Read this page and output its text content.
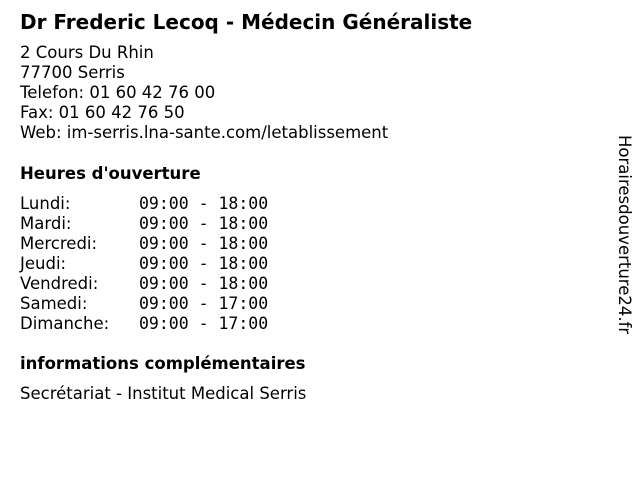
Dr Frederic Lecoq - Médecin Généraliste
2 Cours Du Rhin
77700 Serris
Telefon: 01 60 42 76 00
Fax: 01 60 42 76 50
Web: im-serris.lna-sante.com/letablissement
Heures d'ouverture
Lundi:	09:00 - 18:00
Mardi:	09:00 - 18:00
Mercredi:	09:00 - 18:00
Jeudi:	09:00 - 18:00
Vendredi: 09:00 - 18:00
Samedi:	09:00 - 17:00
Dimanche: 09:00 - 17:00
informations complémentaires
Secrétariat - Institut Medical Serris
Horairesdouverture24.fr
